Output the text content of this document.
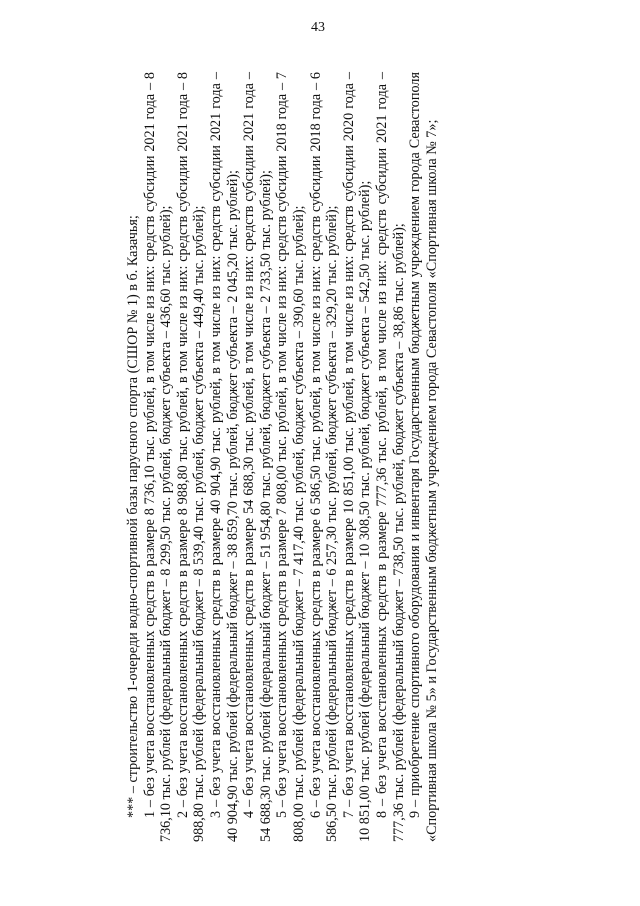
43

*** – строительство 1-очереди водно-спортивной базы парусного спорта (СШОР № 1) в б. Казачья; 1 – без учета восстановленных средств в размере 8 736,10 тыс. рублей, в том числе из них: средств субсидии 2021 года – 8 736,10 тыс. рублей (федеральный бюджет – 8 299,50 тыс. рублей, бюджет субъекта – 436,60 тыс. рублей); 2 – без учета восстановленных средств в размере 8 988,80 тыс. рублей, в том числе из них: средств субсидии 2021 года – 8 988,80 тыс. рублей (федеральный бюджет – 8 539,40 тыс. рублей, бюджет субъекта – 449,40 тыс. рублей); 3 – без учета восстановленных средств в размере 40 904,90 тыс. рублей, в том числе из них: средств субсидии 2021 года – 40 904,90 тыс. рублей (федеральный бюджет – 38 859,70 тыс. рублей, бюджет субъекта – 2 045,20 тыс. рублей); 4 – без учета восстановленных средств в размере 54 688,30 тыс. рублей, в том числе из них: средств субсидии 2021 года – 54 688,30 тыс. рублей (федеральный бюджет – 51 954,80 тыс. рублей, бюджет субъекта – 2 733,50 тыс. рублей); 5 – без учета восстановленных средств в размере 7 808,00 тыс. рублей, в том числе из них: средств субсидии 2018 года – 7 808,00 тыс. рублей (федеральный бюджет – 7 417,40 тыс. рублей, бюджет субъекта – 390,60 тыс. рублей); 6 – без учета восстановленных средств в размере 6 586,50 тыс. рублей, в том числе из них: средств субсидии 2018 года – 6 586,50 тыс. рублей (федеральный бюджет – 6 257,30 тыс. рублей, бюджет субъекта – 329,20 тыс. рублей); 7 – без учета восстановленных средств в размере 10 851,00 тыс. рублей, в том числе из них: средств субсидии 2020 года – 10 851,00 тыс. рублей (федеральный бюджет – 10 308,50 тыс. рублей, бюджет субъекта – 542,50 тыс. рублей); 8 – без учета восстановленных средств в размере 777,36 тыс. рублей, в том числе из них: средств субсидии 2021 года – 777,36 тыс. рублей (федеральный бюджет – 738,50 тыс. рублей, бюджет субъекта – 38,86 тыс. рублей); 9 – приобретение спортивного оборудования и инвентаря Государственным бюджетным учреждением города Севастополя «Спортивная школа № 5» и Государственным бюджетным учреждением города Севастополя «Спортивная школа № 7»;
